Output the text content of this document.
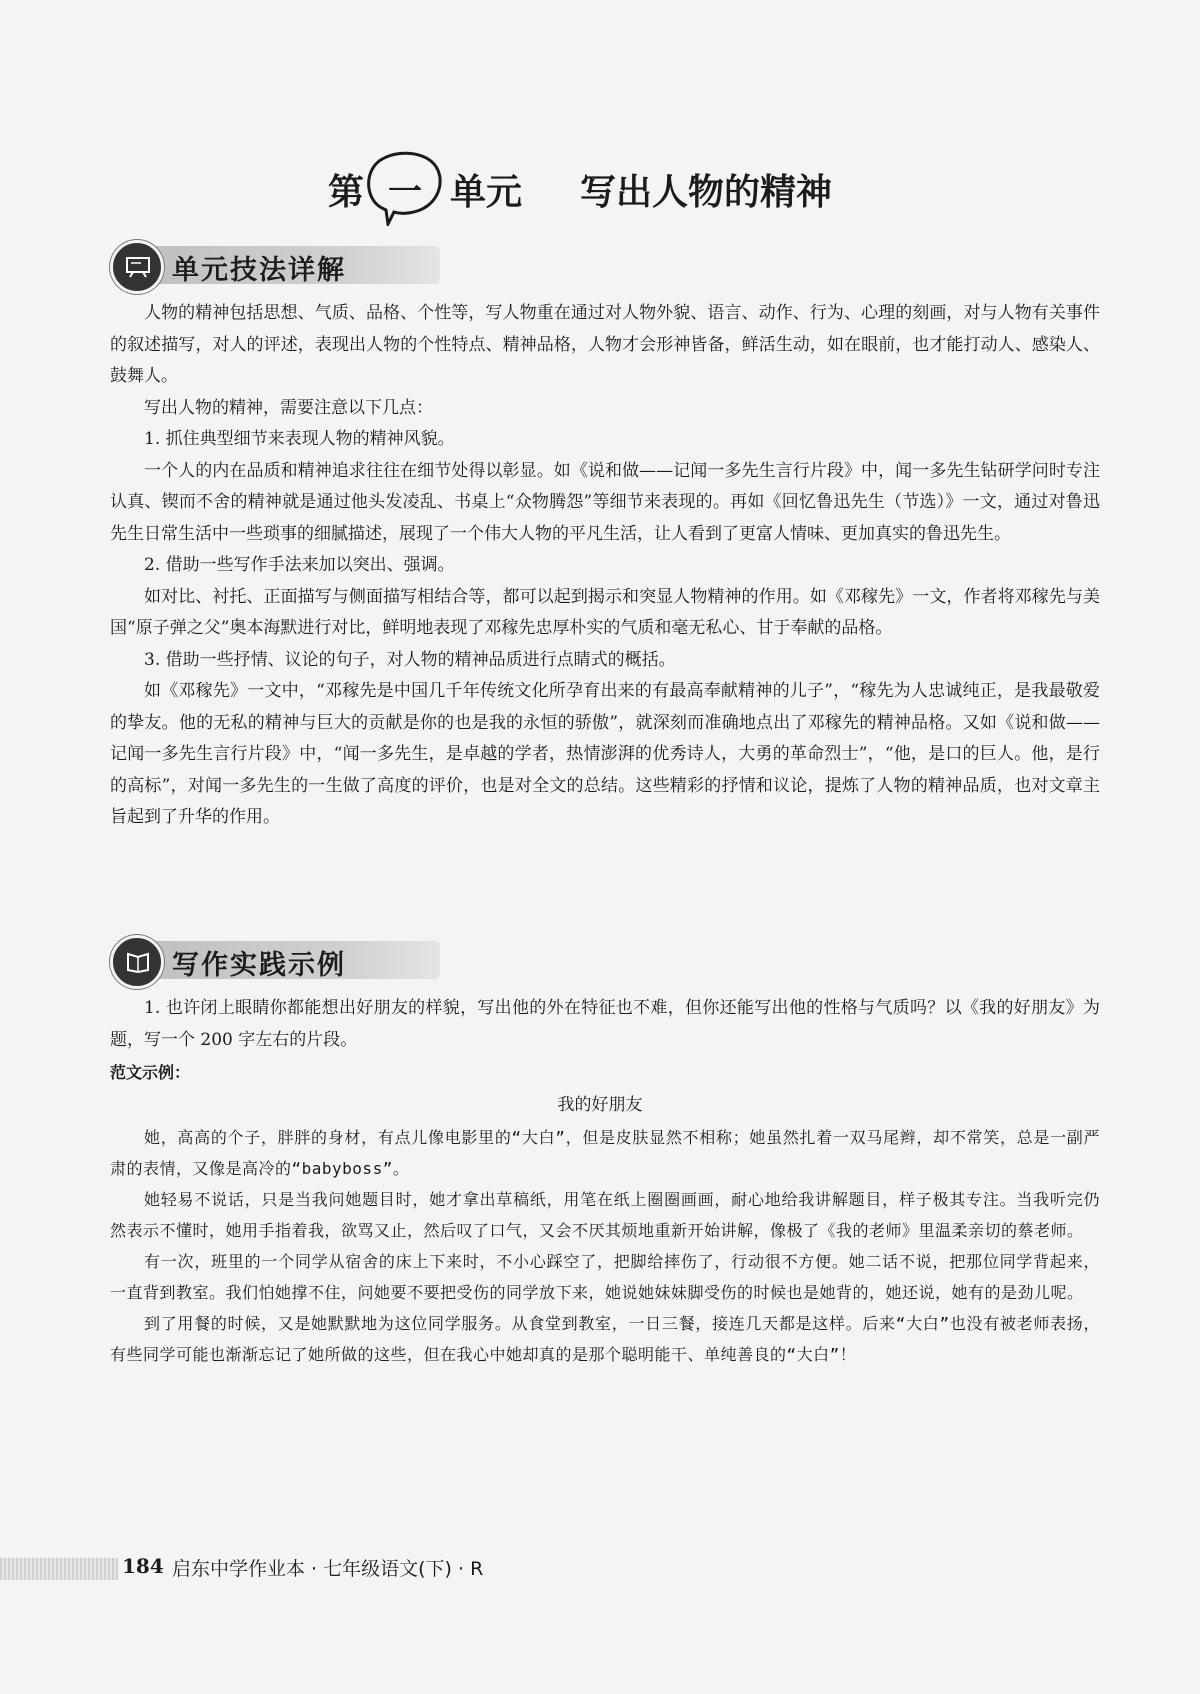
第 一 单元 写出人物的精神
单元技法详解

人物的精神包括思想、气质、品格、个性等，写人物重在通过对人物外貌、语言、动作、行为、心理的刻画，对与人物有关事件的叙述描写，对人的评述，表现出人物的个性特点、精神品格，人物才会形神皆备，鲜活生动，如在眼前，也才能打动人、感染人、鼓舞人。

写出人物的精神，需要注意以下几点：

1. 抓住典型细节来表现人物的精神风貌。

一个人的内在品质和精神追求往往在细节处得以彰显。如《说和做——记闻一多先生言行片段》中，闻一多先生钻研学问时专注认真、锲而不舍的精神就是通过他头发凌乱、书桌上“众物腾怨”等细节来表现的。再如《回忆鲁迅先生（节选）》一文，通过对鲁迅先生日常生活中一些琐事的细腻描述，展现了一个伟大人物的平凡生活，让人看到了更富人情味、更加真实的鲁迅先生。

2. 借助一些写作手法来加以突出、强调。

如对比、衬托、正面描写与侧面描写相结合等，都可以起到揭示和突显人物精神的作用。如《邓稼先》一文，作者将邓稼先与美国“原子弹之父”奥本海默进行对比，鲜明地表现了邓稼先忠厚朴实的气质和毫无私心、甘于奉献的品格。

3. 借助一些抒情、议论的句子，对人物的精神品质进行点睛式的概括。

如《邓稼先》一文中，“邓稼先是中国几千年传统文化所孕育出来的有最高奉献精神的儿子”，“稼先为人忠诚纯正，是我最敬爱的挚友。他的无私的精神与巨大的贡献是你的也是我的永恒的骄傲”，就深刻而准确地点出了邓稼先的精神品格。又如《说和做——记闻一多先生言行片段》中，“闻一多先生，是卓越的学者，热情澎湃的优秀诗人，大勇的革命烈士”，“他，是口的巨人。他，是行的高标”，对闻一多先生的一生做了高度的评价，也是对全文的总结。这些精彩的抒情和议论，提炼了人物的精神品质，也对文章主旨起到了升华的作用。

写作实践示例

1. 也许闭上眼睛你都能想出好朋友的样貌，写出他的外在特征也不难，但你还能写出他的性格与气质吗？以《我的好朋友》为题，写一个 200 字左右的片段。

范文示例：
我的好朋友

她，高高的个子，胖胖的身材，有点儿像电影里的“大白”，但是皮肤显然不相称；她虽然扎着一双马尾辫，却不常笑，总是一副严肃的表情，又像是高冷的“babyboss”。

她轻易不说话，只是当我问她题目时，她才拿出草稿纸，用笔在纸上圈圈画画，耐心地给我讲解题目，样子极其专注。当我听完仍然表示不懂时，她用手指着我，欲骂又止，然后叹了口气，又会不厌其烦地重新开始讲解，像极了《我的老师》里温柔亲切的蔡老师。

有一次，班里的一个同学从宿舍的床上下来时，不小心踩空了，把脚给摔伤了，行动很不方便。她二话不说，把那位同学背起来，一直背到教室。我们怕她撑不住，问她要不要把受伤的同学放下来，她说她妹妹脚受伤的时候也是她背的，她还说，她有的是劲儿呢。

到了用餐的时候，又是她默默地为这位同学服务。从食堂到教室，一日三餐，接连几天都是这样。后来“大白”也没有被老师表扬，有些同学可能也渐渐忘记了她所做的这些，但在我心中她却真的是那个聪明能干、单纯善良的“大白”！

184 启东中学作业本 · 七年级语文(下) · R
